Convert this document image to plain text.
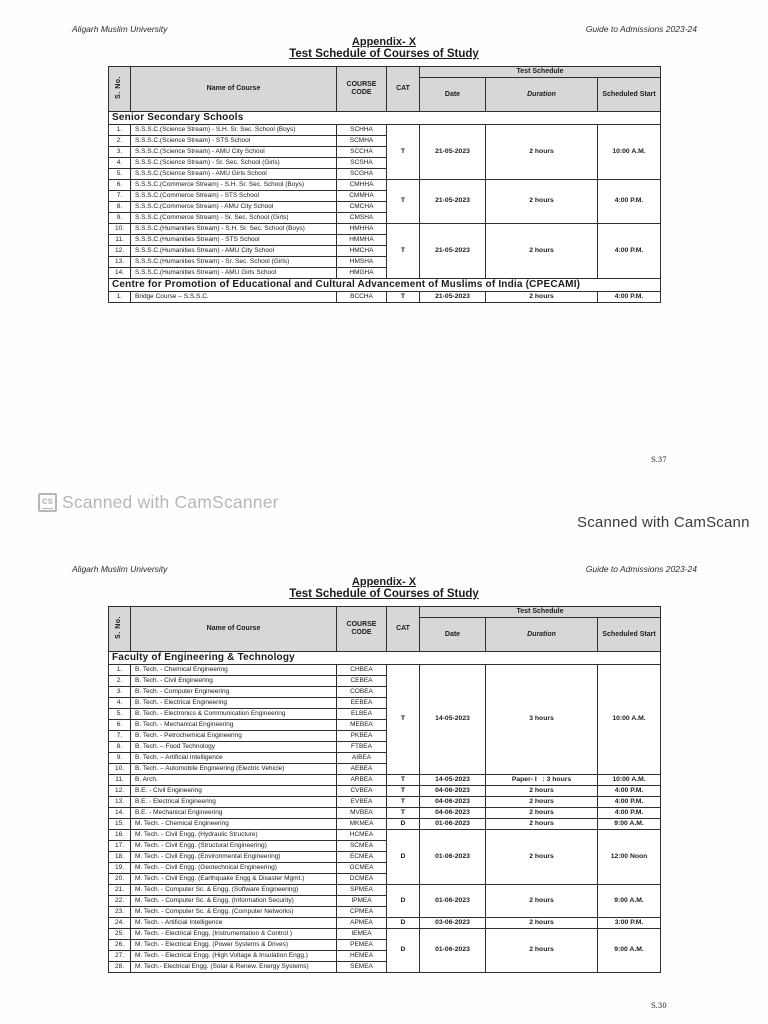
Aligarh Muslim University	Guide to Admissions 2023-24
Appendix- X
Test Schedule of Courses of Study
S. No.	Name of Course	COURSE CODE	CAT	Test Schedule		
				Date	Duration	Scheduled Start
Senior Secondary Schools						
1.	S.S.S.C.(Science Stream) - S.H. Sr. Sec. School (Boys)	SCHHA	T	21-05-2023	2 hours	10:00 A.M.
2.	S.S.S.C.(Science Stream) - STS School	SCMHA				
3.	S.S.S.C.(Science Stream) - AMU City School	SCCHA				
4.	S.S.S.C.(Science Stream) - Sr. Sec. School (Girls)	SCSHA				
5.	S.S.S.C.(Science Stream) - AMU Girls School	SCGHA				
6.	S.S.S.C.(Commerce Stream) - S.H. Sr. Sec. School (Boys)	CMHHA	T	21-05-2023	2 hours	4:00 P.M.
7.	S.S.S.C.(Commerce Stream) - STS School	CMMHA				
8.	S.S.S.C.(Commerce Stream) - AMU City School	CMCHA				
9.	S.S.S.C.(Commerce Stream) - Sr. Sec. School (Girls)	CMSHA				
10.	S.S.S.C.(Humanities Stream) - S.H. Sr. Sec. School (Boys)	HMHHA	T	21-05-2023	2 hours	4:00 P.M.
11.	S.S.S.C.(Humanities Stream) - STS School	HMMHA				
12.	S.S.S.C.(Humanities Stream) - AMU City School	HMCHA				
13.	S.S.S.C.(Humanities Stream) - Sr. Sec. School (Girls)	HMSHA				
14.	S.S.S.C.(Humanities Stream) - AMU Girls School	HMGHA				
Centre for Promotion of Educational and Cultural Advancement of Muslims of India (CPECAMI)						
1.	Bridge Course – S.S.S.C.	BCCHA	T	21-05-2023	2 hours	4:00 P.M.
S.37
cs Scanned with CamScanner
Scanned with CamScann
Aligarh Muslim University	Guide to Admissions 2023-24
Appendix- X
Test Schedule of Courses of Study
S. No.	Name of Course	COURSE CODE	CAT	Test Schedule		
				Date	Duration	Scheduled Start
Faculty of Engineering & Technology						
1.	B. Tech. - Chemical Engineering	CHBEA	T	14-05-2023	3 hours	10:00 A.M.
2.	B. Tech. - Civil Engineering	CEBEA				
3.	B. Tech. - Computer Engineering	COBEA				
4.	B. Tech. - Electrical Engineering	EEBEA				
5.	B. Tech. - Electronics & Communication Engineering	ELBEA				
6.	B. Tech. - Mechanical Engineering	MEBEA				
7.	B. Tech. - Petrochemical Engineering	PKBEA				
8.	B. Tech. – Food Technology	FTBEA				
9.	B. Tech. – Artificial Intelligence	AIBEA				
10.	B. Tech. – Automobile Engineering (Electric Vehicle)	AEBEA				
11.	B. Arch.	ARBEA	T	14-05-2023	Paper- I   : 3 hours	10:00 A.M.
12.	B.E. - Civil Engineering	CVBEA	T	04-06-2023	2 hours	4:00 P.M.
13.	B.E. - Electrical Engineering	EVBEA	T	04-06-2023	2 hours	4:00 P.M.
14.	B.E. - Mechanical Engineering	MVBEA	T	04-06-2023	2 hours	4:00 P.M.
15.	M. Tech. - Chemical Engineering	MKMEA	D	01-06-2023	2 hours	9:00 A.M.
16.	M. Tech. - Civil Engg. (Hydraulic Structure)	HCMEA	D	01-06-2023	2 hours	12:00 Noon
17.	M. Tech. - Civil Engg. (Structural Engineering)	SCMEA				
18.	M. Tech. - Civil Engg. (Environmental Engineering)	ECMEA				
19.	M. Tech. - Civil Engg. (Geotechnical Engineering)	GCMEA				
20.	M. Tech. - Civil Engg. (Earthquake Engg & Disaster Mgmt.)	DCMEA				
21.	M. Tech. - Computer Sc. & Engg. (Software Engineering)	SPMEA	D	01-06-2023	2 hours	9:00 A.M.
22.	M. Tech. - Computer Sc. & Engg. (Information Security)	IPMEA				
23.	M. Tech. - Computer Sc. & Engg. (Computer Networks)	CPMEA				
24.	M. Tech. - Artificial Intelligence	APMEA	D	03-06-2023	2 hours	3:00 P.M.
25.	M. Tech. - Electrical Engg. (Instrumentation & Control )	IEMEA	D	01-06-2023	2 hours	9:00 A.M.
26.	M. Tech. - Electrical Engg. (Power Systems & Drives)	PEMEA				
27.	M. Tech. - Electrical Engg. (High Voltage & Insulation Engg.)	HEMEA				
28.	M. Tech.- Electrical Engg. (Solar & Renew. Energy Systems)	SEMEA				
S.30
